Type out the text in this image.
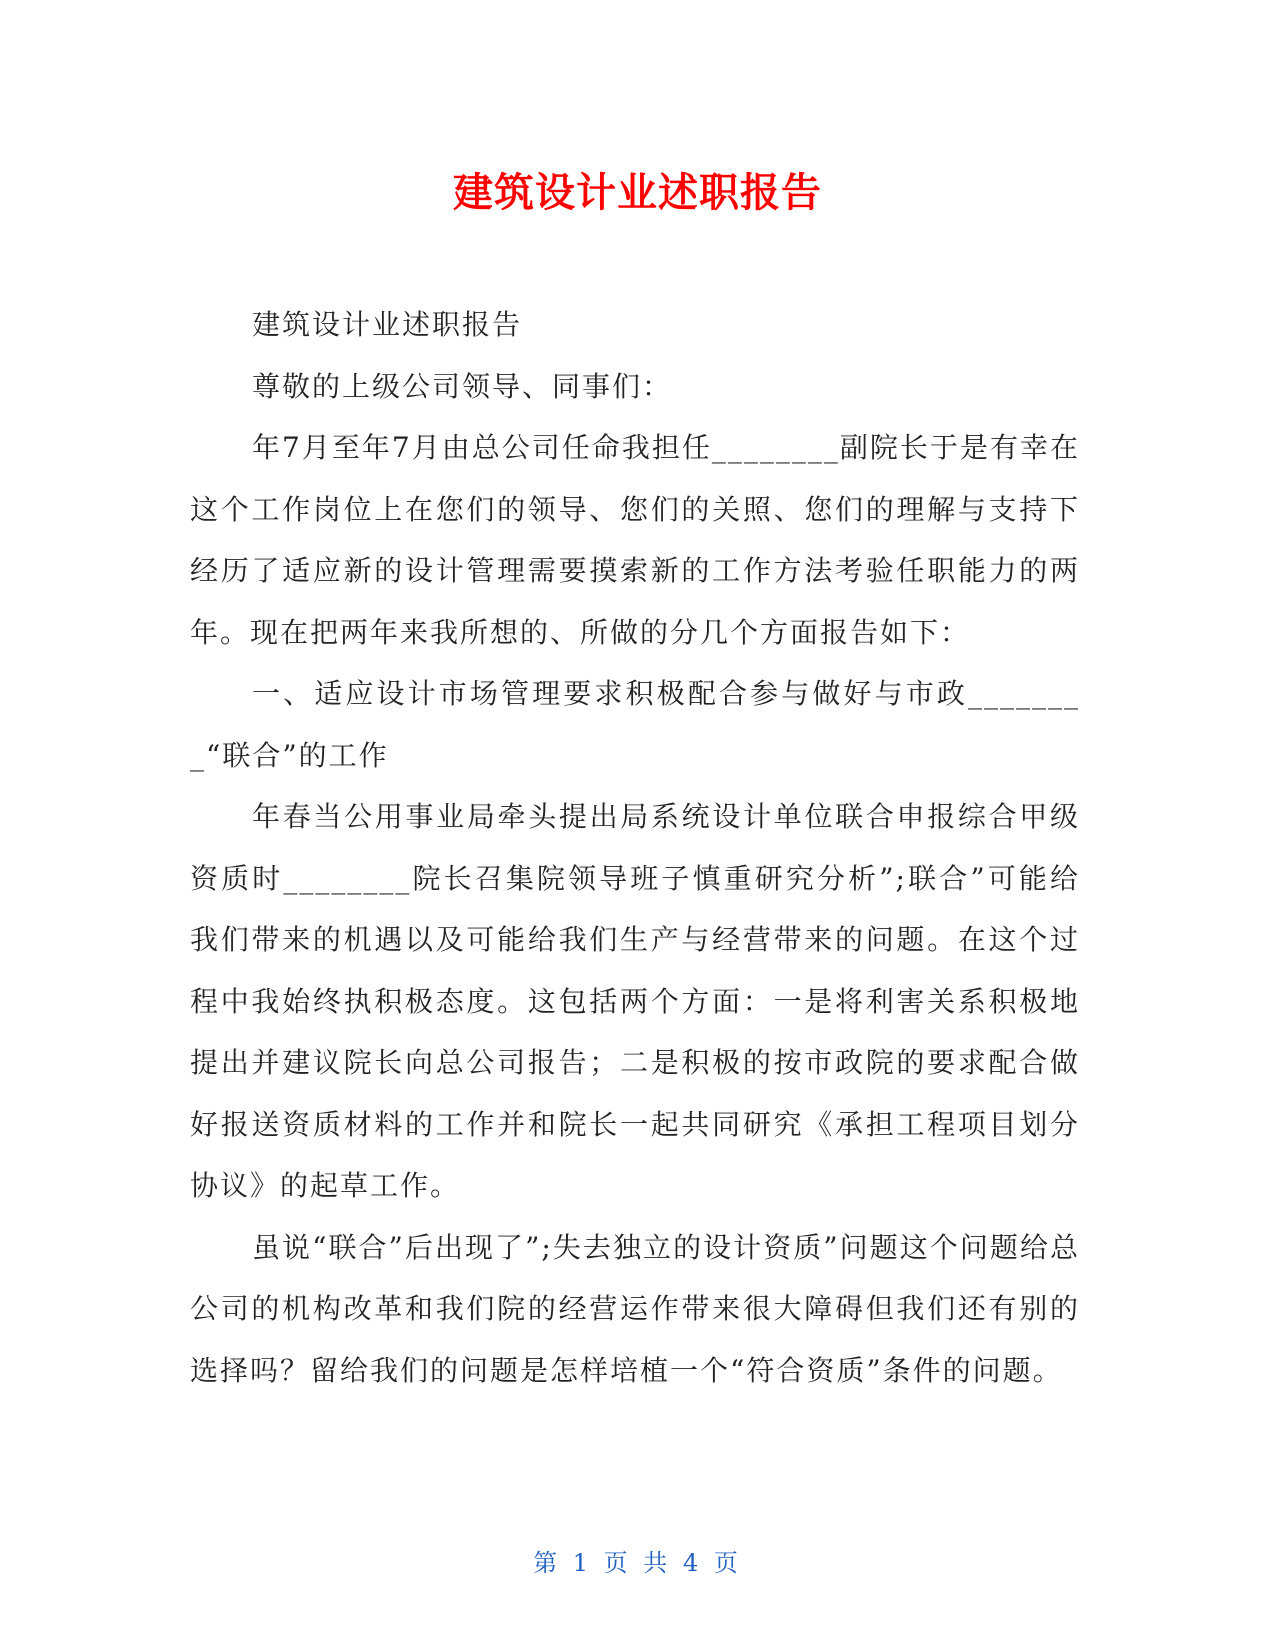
建筑设计业述职报告

建筑设计业述职报告

尊敬的上级公司领导、同事们：

年7月至年7月由总公司任命我担任________副院长于是有幸在这个工作岗位上在您们的领导、您们的关照、您们的理解与支持下经历了适应新的设计管理需要摸索新的工作方法考验任职能力的两年。现在把两年来我所想的、所做的分几个方面报告如下：

一、适应设计市场管理要求积极配合参与做好与市政________“联合”的工作

年春当公用事业局牵头提出局系统设计单位联合申报综合甲级资质时________院长召集院领导班子慎重研究分析”;联合”可能给我们带来的机遇以及可能给我们生产与经营带来的问题。在这个过程中我始终执积极态度。这包括两个方面：一是将利害关系积极地提出并建议院长向总公司报告；二是积极的按市政院的要求配合做好报送资质材料的工作并和院长一起共同研究《承担工程项目划分协议》的起草工作。

虽说“联合”后出现了”;失去独立的设计资质”问题这个问题给总公司的机构改革和我们院的经营运作带来很大障碍但我们还有别的选择吗？留给我们的问题是怎样培植一个“符合资质”条件的问题。

第 1 页 共 4 页
